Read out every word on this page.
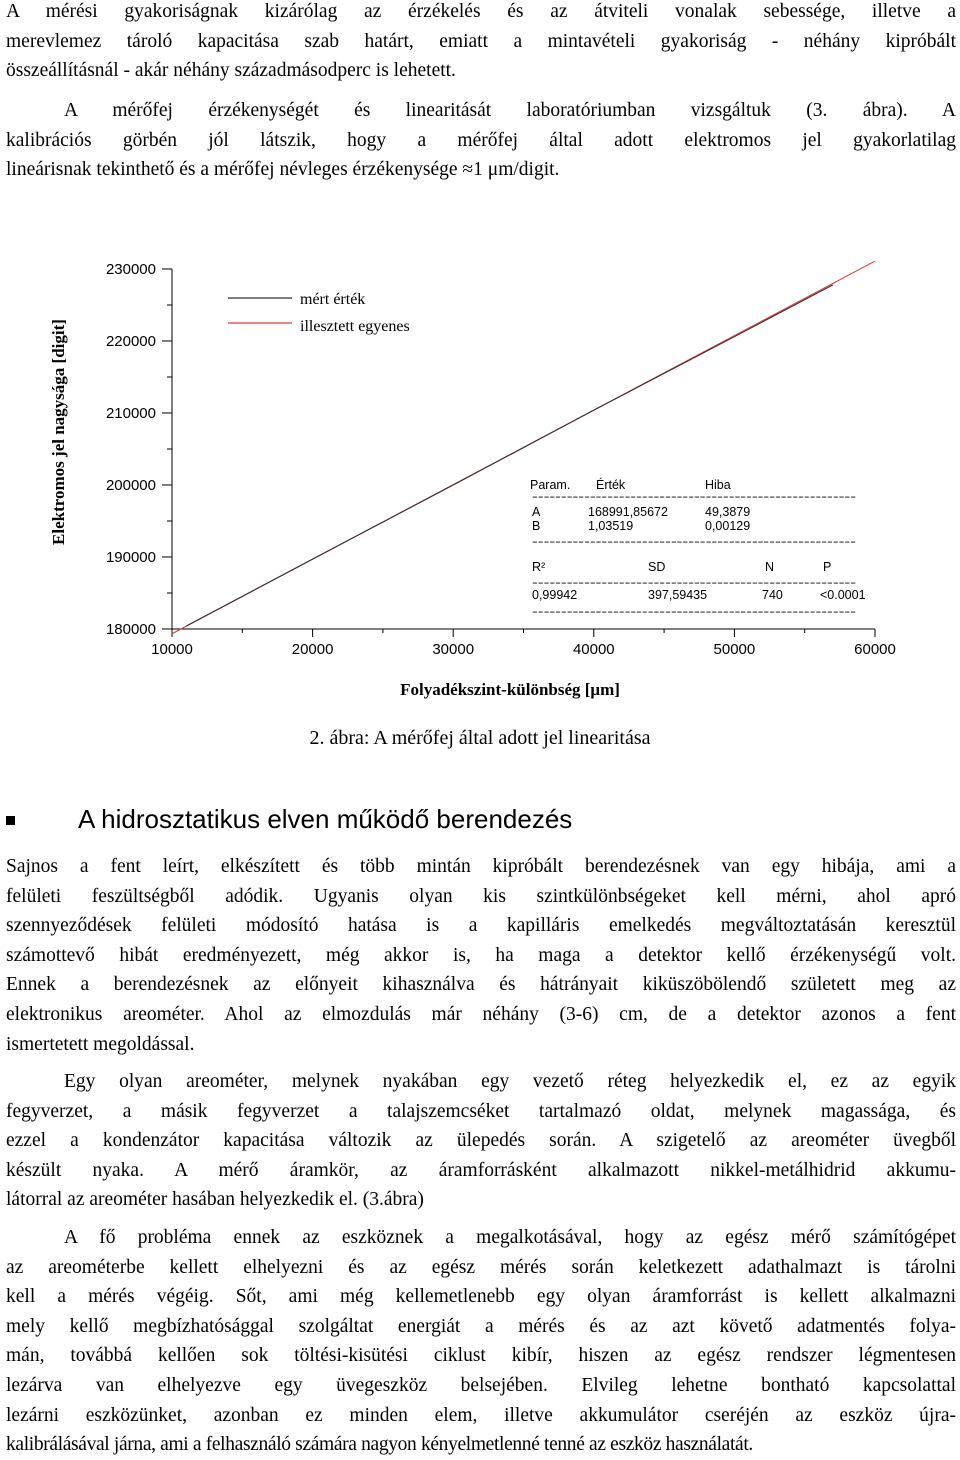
A mérési gyakoriságnak kizárólag az érzékelés és az átviteli vonalak sebessége, illetve a
merevlemez tároló kapacitása szab határt, emiatt a mintavételi gyakoriság - néhány kipróbált
összeállításnál - akár néhány századmásodperc is lehetett.
A mérőfej érzékenységét és linearitását laboratóriumban vizsgáltuk (3. ábra). A
kalibrációs görbén jól látszik, hogy a mérőfej által adott elektromos jel gyakorlatilag
lineárisnak tekinthető és a mérőfej névleges érzékenysége ≈1 μm/digit.
180000
190000
200000
210000
220000
230000
10000	20000	30000	40000	50000	60000
mért érték
illesztett egyenes
Param. Érték	Hiba
--------------------------------------------------------
--------------------------------------------------------
--------------------------------------------------------
--------------------------------------------------------
A	168991,85672	49,3879
B	1,03519	0,00129
R²	SD	N	P
0,99942	397,59435	740	<0.0001
Elektromos jel nagysága [digit]
Folyadékszint-különbség [μm]
2. ábra: A mérőfej által adott jel linearitása
A hidrosztatikus elven működő berendezés
Sajnos a fent leírt, elkészített és több mintán kipróbált berendezésnek van egy hibája, ami a
felületi feszültségből adódik. Ugyanis olyan kis szintkülönbségeket kell mérni, ahol apró
szennyeződések felületi módosító hatása is a kapilláris emelkedés megváltoztatásán keresztül
számottevő hibát eredményezett, még akkor is, ha maga a detektor kellő érzékenységű volt.
Ennek a berendezésnek az előnyeit kihasználva és hátrányait kiküszöbölendő született meg az
elektronikus areométer. Ahol az elmozdulás már néhány (3-6) cm, de a detektor azonos a fent
ismertetett megoldással.
Egy olyan areométer, melynek nyakában egy vezető réteg helyezkedik el, ez az egyik
fegyverzet, a másik fegyverzet a talajszemcséket tartalmazó oldat, melynek magassága, és
ezzel a kondenzátor kapacitása változik az ülepedés során. A szigetelő az areométer üvegből
készült nyaka. A mérő áramkör, az áramforrásként alkalmazott nikkel-metálhidrid akkumu-
látorral az areométer hasában helyezkedik el. (3.ábra)
A fő probléma ennek az eszköznek a megalkotásával, hogy az egész mérő számítógépet
az areométerbe kellett elhelyezni és az egész mérés során keletkezett adathalmazt is tárolni
kell a mérés végéig. Sőt, ami még kellemetlenebb egy olyan áramforrást is kellett alkalmazni
mely kellő megbízhatósággal szolgáltat energiát a mérés és az azt követő adatmentés folya-
mán, továbbá kellően sok töltési-kisütési ciklust kibír, hiszen az egész rendszer légmentesen
lezárva van elhelyezve egy üvegeszköz belsejében. Elvileg lehetne bontható kapcsolattal
lezárni eszközünket, azonban ez minden elem, illetve akkumulátor cseréjén az eszköz újra-
kalibrálásával járna, ami a felhasználó számára nagyon kényelmetlenné tenné az eszköz használatát.
